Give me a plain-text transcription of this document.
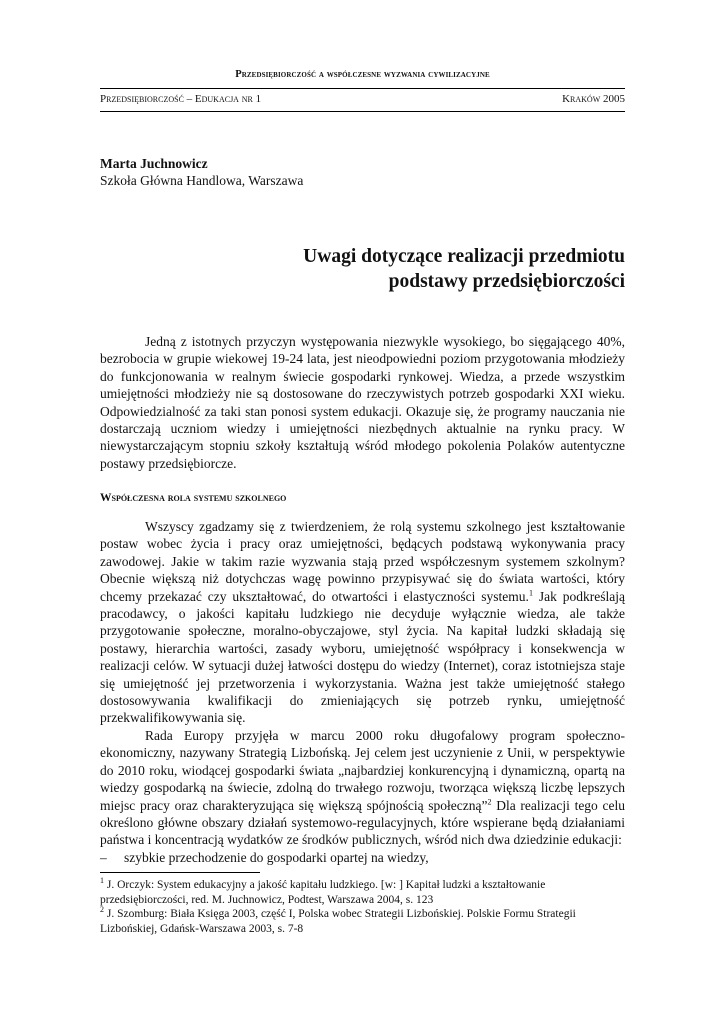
Przedsiębiorczość a współczesne wyzwania cywilizacyjne
Przedsiębiorczość – Edukacja nr 1	Kraków 2005
Marta Juchnowicz
Szkoła Główna Handlowa, Warszawa
Uwagi dotyczące realizacji przedmiotu
podstawy przedsiębiorczości

Jedną z istotnych przyczyn występowania niezwykle wysokiego, bo sięgającego 40%, bezrobocia w grupie wiekowej 19-24 lata, jest nieodpowiedni poziom przygotowania młodzieży do funkcjonowania w realnym świecie gospodarki rynkowej. Wiedza, a przede wszystkim umiejętności młodzieży nie są dostosowane do rzeczywistych potrzeb gospodarki XXI wieku. Odpowiedzialność za taki stan ponosi system edukacji. Okazuje się, że programy nauczania nie dostarczają uczniom wiedzy i umiejętności niezbędnych aktualnie na rynku pracy. W niewystarczającym stopniu szkoły kształtują wśród młodego pokolenia Polaków autentyczne postawy przedsiębiorcze.

Współczesna rola systemu szkolnego

Wszyscy zgadzamy się z twierdzeniem, że rolą systemu szkolnego jest kształtowanie postaw wobec życia i pracy oraz umiejętności, będących podstawą wykonywania pracy zawodowej. Jakie w takim razie wyzwania stają przed współczesnym systemem szkolnym? Obecnie większą niż dotychczas wagę powinno przypisywać się do świata wartości, który chcemy przekazać czy ukształtować, do otwartości i elastyczności systemu.$^1$ Jak podkreślają pracodawcy, o jakości kapitału ludzkiego nie decyduje wyłącznie wiedza, ale także przygotowanie społeczne, moralno-obyczajowe, styl życia. Na kapitał ludzki składają się postawy, hierarchia wartości, zasady wyboru, umiejętność współpracy i konsekwencja w realizacji celów. W sytuacji dużej łatwości dostępu do wiedzy (Internet), coraz istotniejsza staje się umiejętność jej przetworzenia i wykorzystania. Ważna jest także umiejętność stałego dostosowywania kwalifikacji do zmieniających się potrzeb rynku, umiejętność przekwalifikowywania się.

Rada Europy przyjęła w marcu 2000 roku długofalowy program społeczno-ekonomiczny, nazywany Strategią Lizbońską. Jej celem jest uczynienie z Unii, w perspektywie do 2010 roku, wiodącej gospodarki świata „najbardziej konkurencyjną i dynamiczną, opartą na wiedzy gospodarką na świecie, zdolną do trwałego rozwoju, tworząca większą liczbę lepszych miejsc pracy oraz charakteryzująca się większą spójnością społeczną”$^2$ Dla realizacji tego celu określono główne obszary działań systemowo-regulacyjnych, które wspierane będą działaniami państwa i koncentracją wydatków ze środków publicznych, wśród nich dwa dziedzinie edukacji:

– szybkie przechodzenie do gospodarki opartej na wiedzy,

$^1$ J. Orczyk: System edukacyjny a jakość kapitału ludzkiego. [w: ] Kapitał ludzki a kształtowanie przedsiębiorczości, red. M. Juchnowicz, Podtest, Warszawa 2004, s. 123
$^2$ J. Szomburg: Biała Księga 2003, część I, Polska wobec Strategii Lizbońskiej. Polskie Formu Strategii Lizbońskiej, Gdańsk-Warszawa 2003, s. 7-8
